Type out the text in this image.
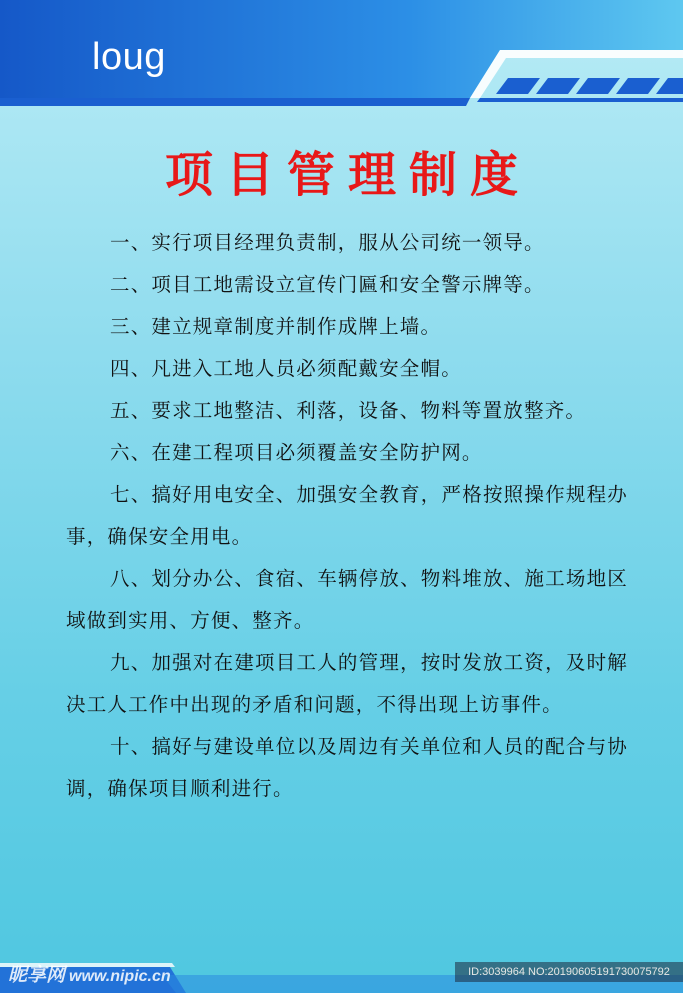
loug
项目管理制度

一、实行项目经理负责制，服从公司统一领导。

二、项目工地需设立宣传门匾和安全警示牌等。

三、建立规章制度并制作成牌上墙。

四、凡进入工地人员必须配戴安全帽。

五、要求工地整洁、利落，设备、物料等置放整齐。

六、在建工程项目必须覆盖安全防护网。

七、搞好用电安全、加强安全教育，严格按照操作规程办事，确保安全用电。

八、划分办公、食宿、车辆停放、物料堆放、施工场地区域做到实用、方便、整齐。

九、加强对在建项目工人的管理，按时发放工资，及时解决工人工作中出现的矛盾和问题，不得出现上访事件。

十、搞好与建设单位以及周边有关单位和人员的配合与协调，确保项目顺利进行。

昵享网 www.nipic.cn	ID:3039964 NO:20190605191730075792
